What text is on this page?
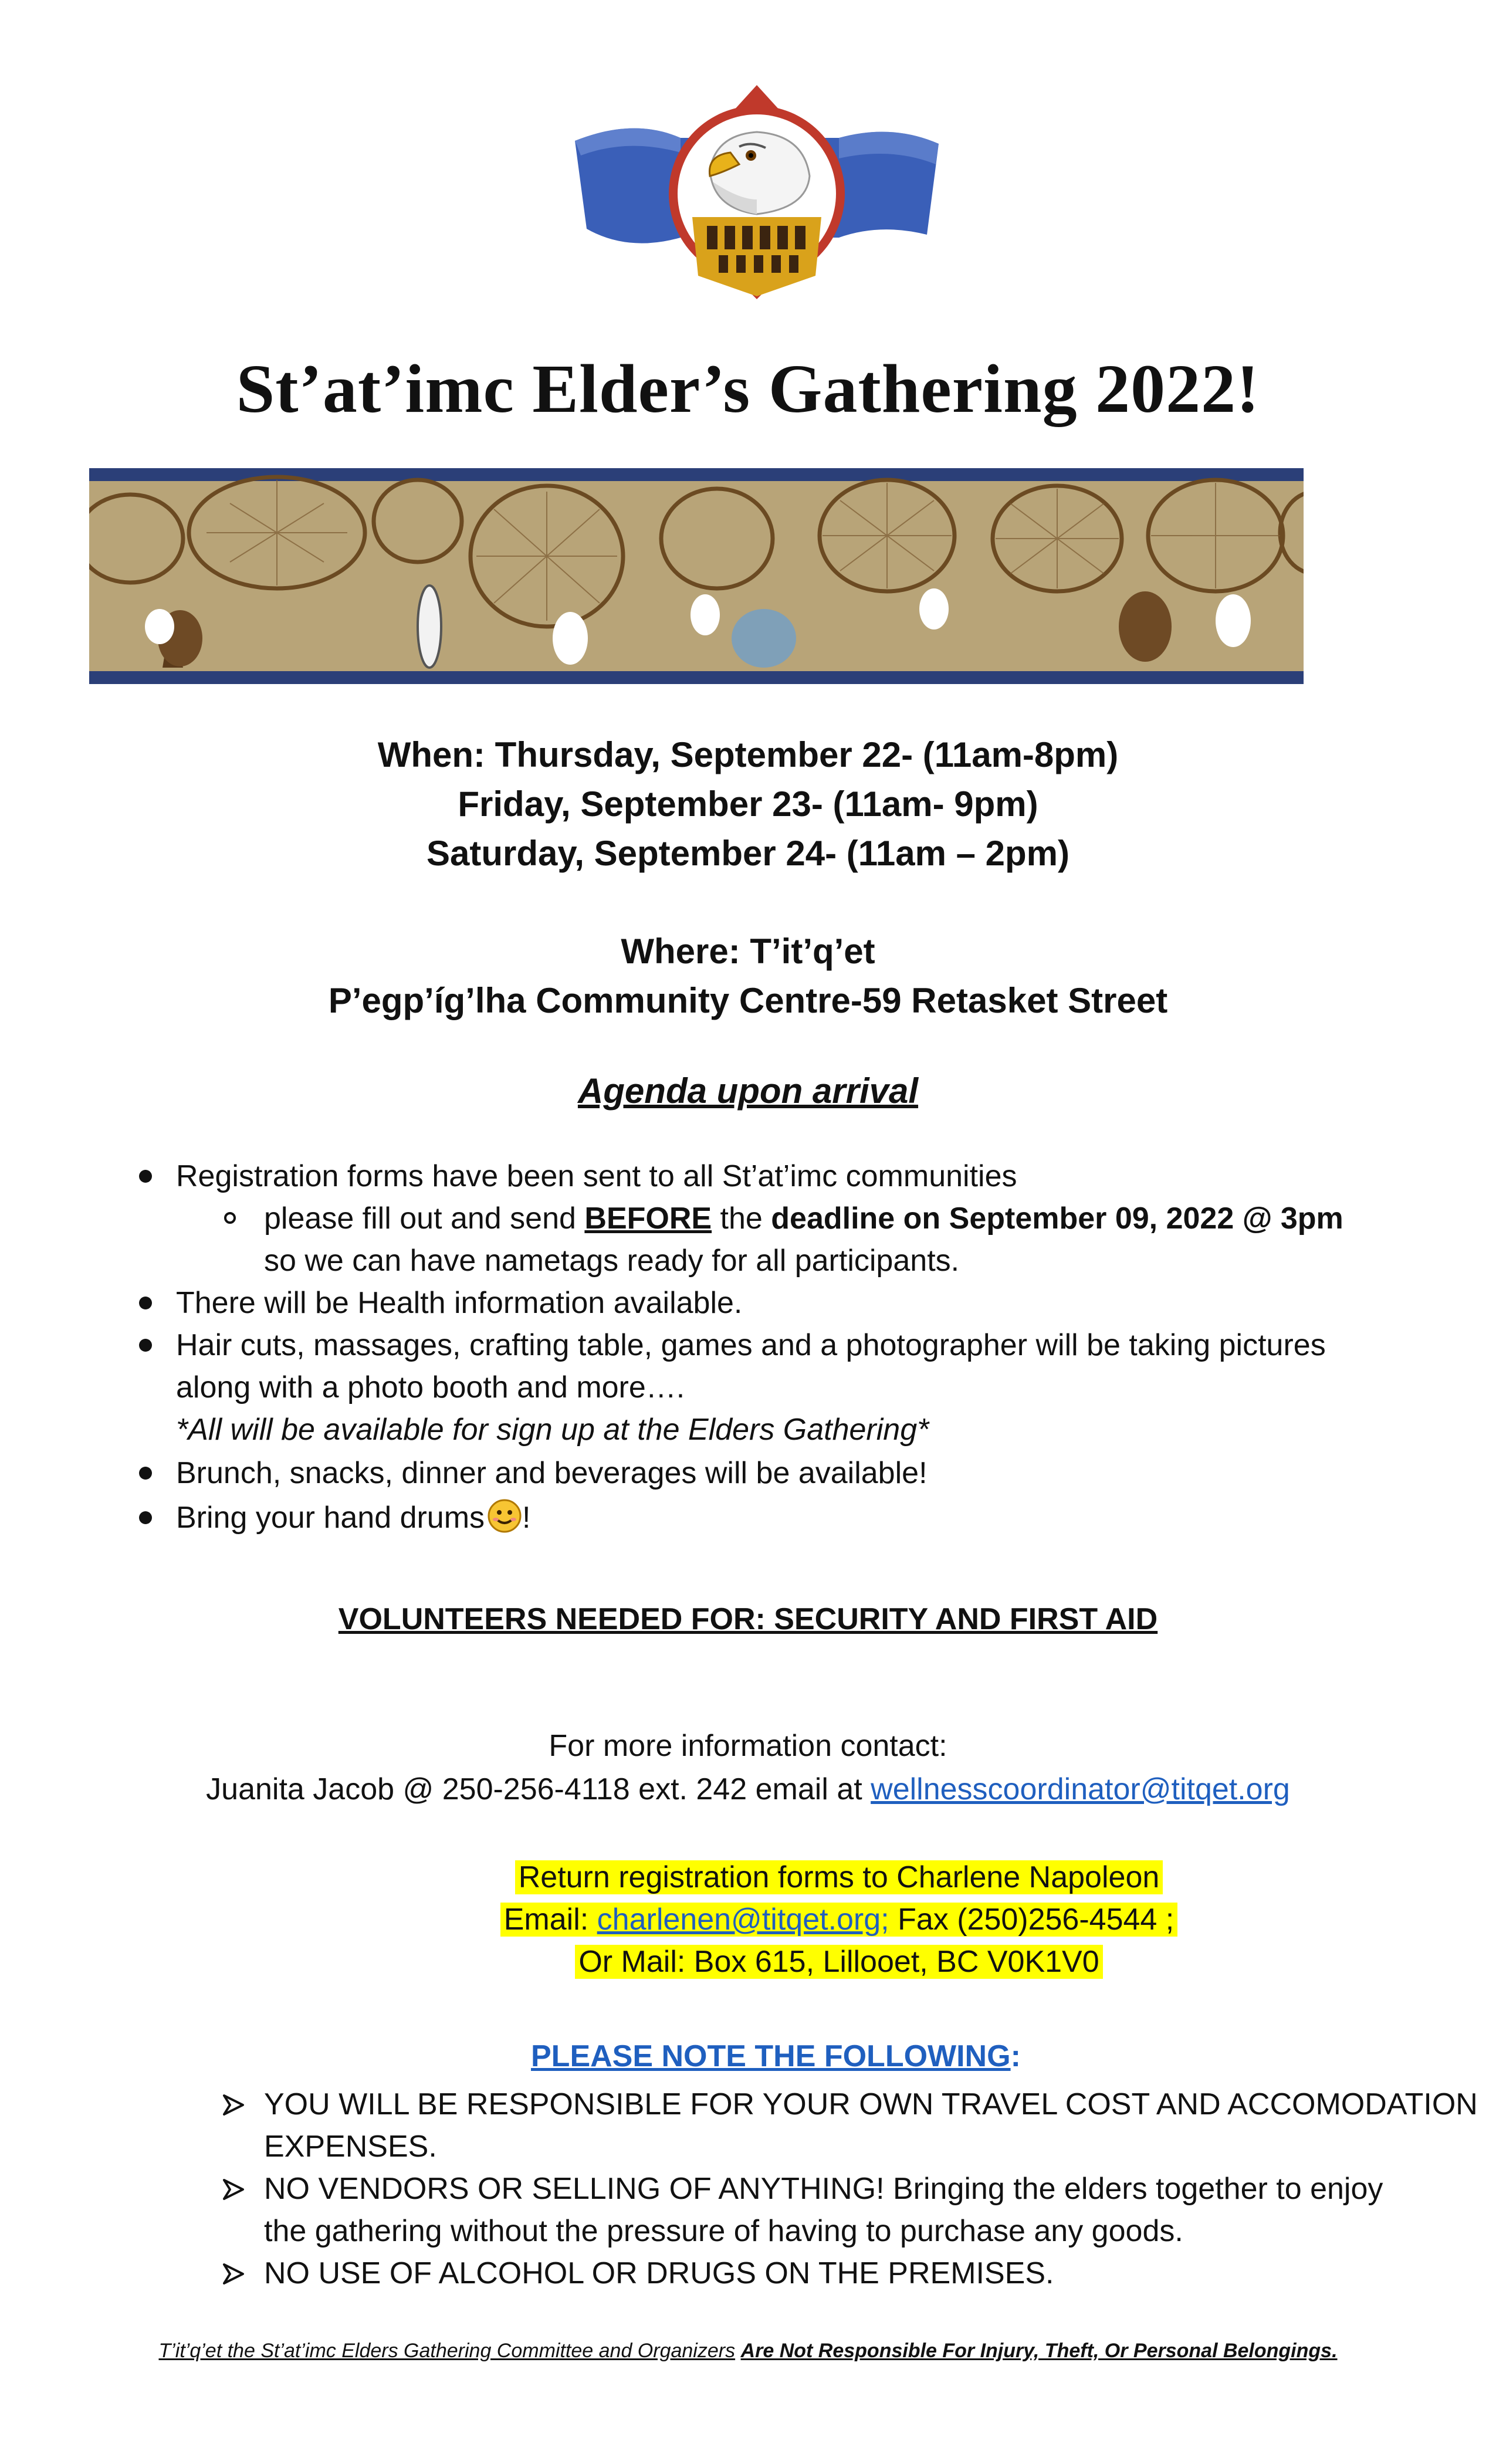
St’at’imc Elder’s Gathering 2022!
When: Thursday, September 22- (11am-8pm)
Friday, September 23- (11am- 9pm)
Saturday, September 24- (11am – 2pm)
Where: T’it’q’et
P’egp’íg’lha Community Centre-59 Retasket Street
Agenda upon arrival
Registration forms have been sent to all St’at’imc communities
please fill out and send BEFORE the deadline on September 09, 2022 @ 3pm
so we can have nametags ready for all participants.
There will be Health information available.
Hair cuts, massages, crafting table, games and a photographer will be taking pictures
along with a photo booth and more….
*All will be available for sign up at the Elders Gathering*
Brunch, snacks, dinner and beverages will be available!
Bring your hand drums !
VOLUNTEERS NEEDED FOR: SECURITY AND FIRST AID
For more information contact:
Juanita Jacob @ 250-256-4118 ext. 242 email at wellnesscoordinator@titqet.org
Return registration forms to Charlene Napoleon
Email: charlenen@titqet.org; Fax (250)256-4544 ;
Or Mail: Box 615, Lillooet, BC V0K1V0
PLEASE NOTE THE FOLLOWING:
YOU WILL BE RESPONSIBLE FOR YOUR OWN TRAVEL COST AND ACCOMODATION
EXPENSES.
NO VENDORS OR SELLING OF ANYTHING! Bringing the elders together to enjoy
the gathering without the pressure of having to purchase any goods.
NO USE OF ALCOHOL OR DRUGS ON THE PREMISES.
T’it’q’et the St’at’imc Elders Gathering Committee and Organizers Are Not Responsible For Injury, Theft, Or Personal Belongings.
